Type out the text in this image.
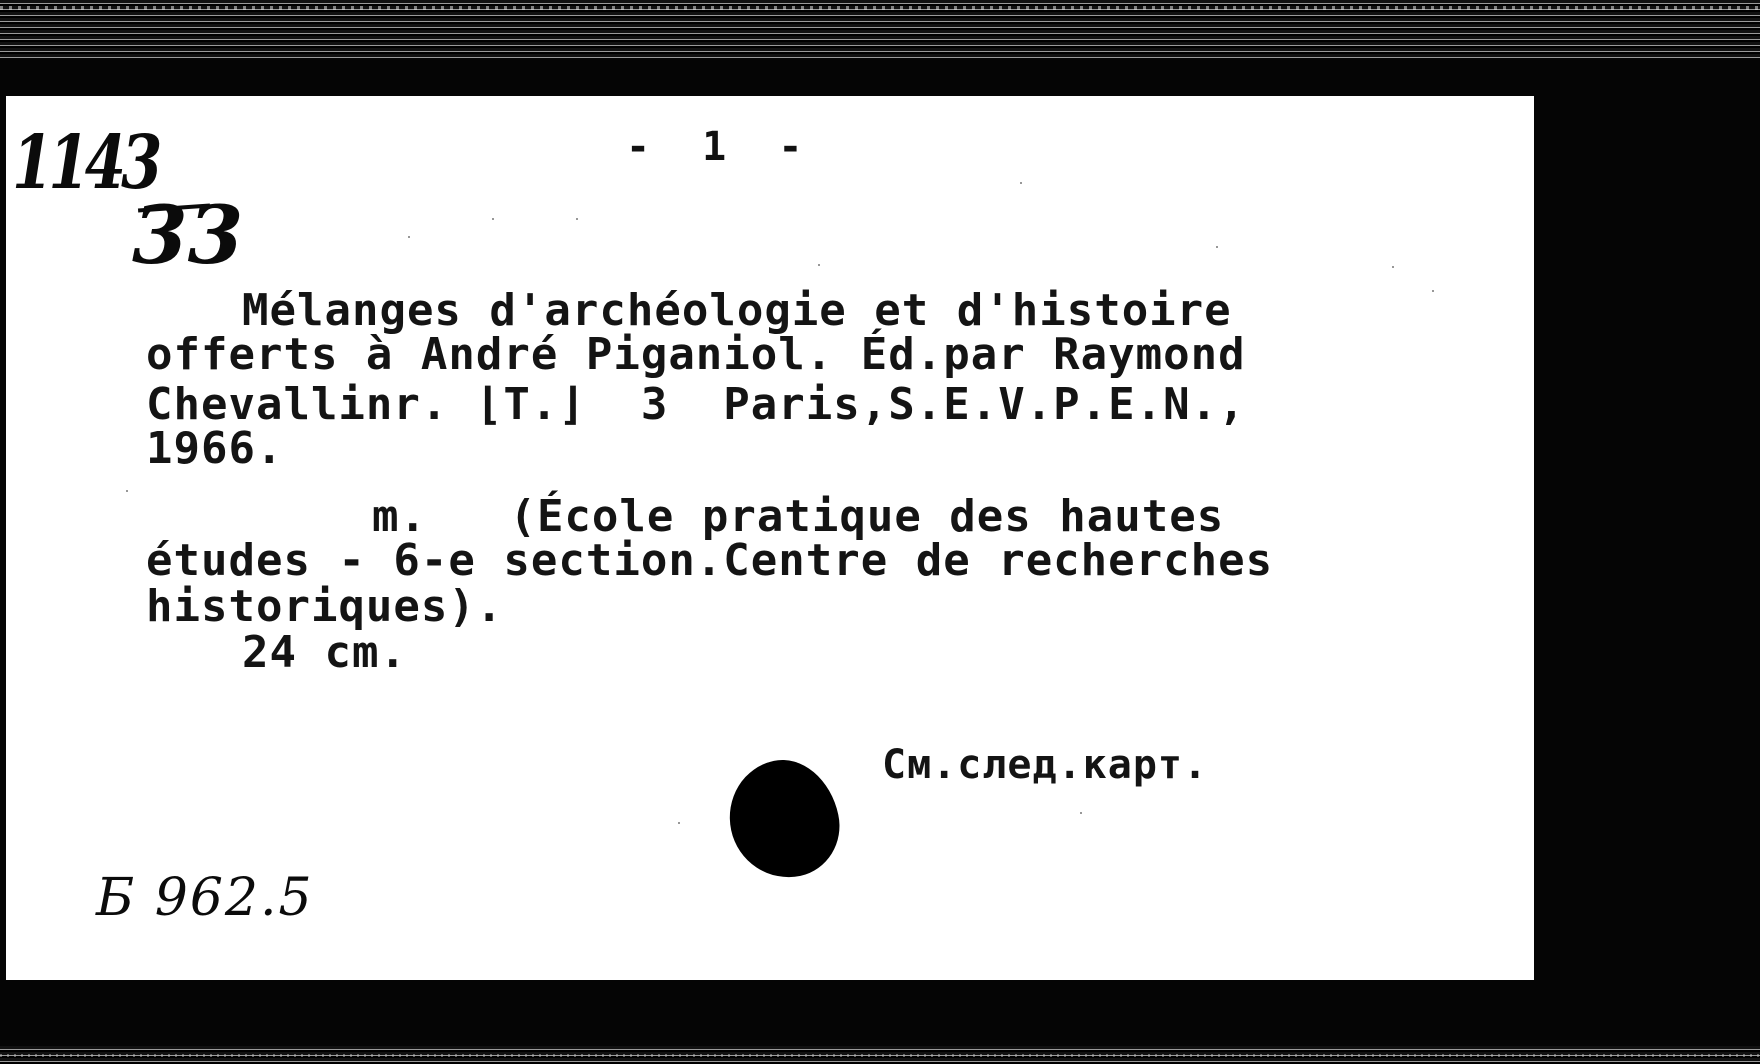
- 1 -
1143
33
Mélanges d'archéologie et d'histoire
offerts à André Piganiol. Éd.par Raymond
Chevallinr. ⌊T.⌋  3  Paris,S.E.V.P.E.N.,
1966.
m.   (École pratique des hautes
études - 6-e section.Centre de recherches
historiques).
24 cm.
См.след.карт.
Б 962.5
